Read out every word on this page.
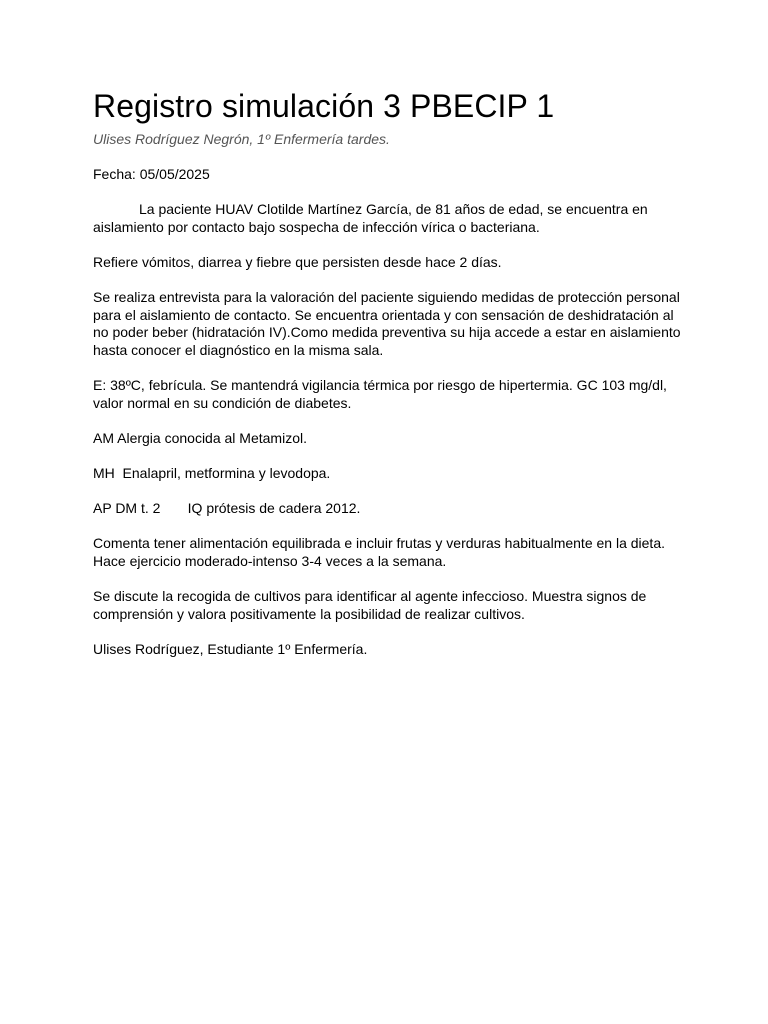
Registro simulación 3 PBECIP 1

Ulises Rodríguez Negrón, 1º Enfermería tardes.

Fecha: 05/05/2025

La paciente HUAV Clotilde Martínez García, de 81 años de edad, se encuentra en aislamiento por contacto bajo sospecha de infección vírica o bacteriana.

Refiere vómitos, diarrea y fiebre que persisten desde hace 2 días.

Se realiza entrevista para la valoración del paciente siguiendo medidas de protección personal para el aislamiento de contacto. Se encuentra orientada y con sensación de deshidratación al no poder beber (hidratación IV).Como medida preventiva su hija accede a estar en aislamiento hasta conocer el diagnóstico en la misma sala.

E: 38ºC, febrícula. Se mantendrá vigilancia térmica por riesgo de hipertermia. GC 103 mg/dl, valor normal en su condición de diabetes.

AM Alergia conocida al Metamizol.

MH  Enalapril, metformina y levodopa.

AP DM t. 2       IQ prótesis de cadera 2012.

Comenta tener alimentación equilibrada e incluir frutas y verduras habitualmente en la dieta. Hace ejercicio moderado-intenso 3-4 veces a la semana.

Se discute la recogida de cultivos para identificar al agente infeccioso. Muestra signos de comprensión y valora positivamente la posibilidad de realizar cultivos.

Ulises Rodríguez, Estudiante 1º Enfermería.
